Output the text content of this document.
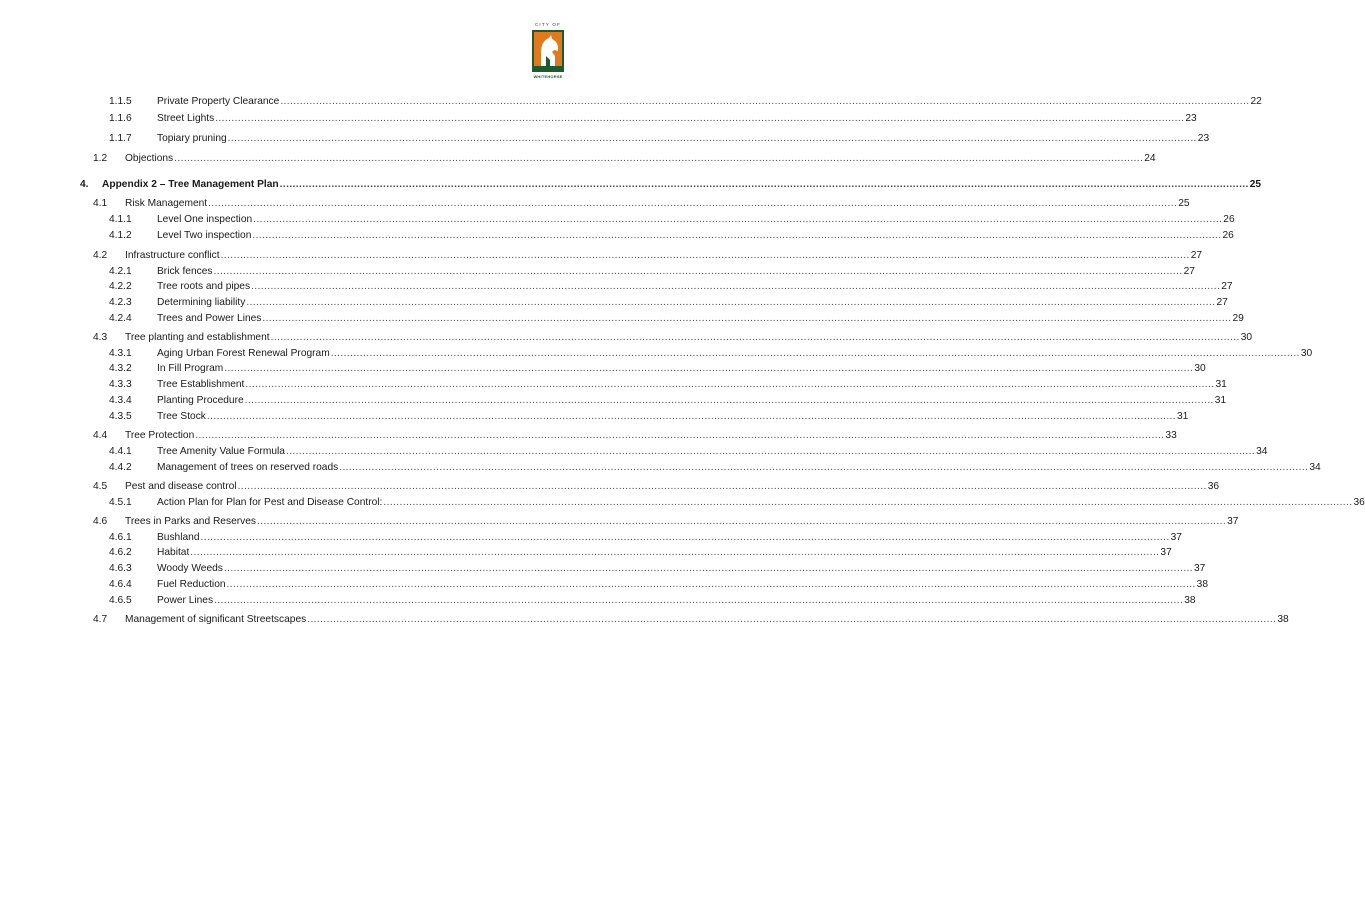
CITY OF
WHITEHORSE
1.1.5 Private Property Clearance ............................................................................................................................................................................................................................................................................................................ 22
1.1.6 Street Lights ............................................................................................................................................................................................................................................................................................................ 23
1.1.7 Topiary pruning ............................................................................................................................................................................................................................................................................................................ 23
1.2 Objections ............................................................................................................................................................................................................................................................................................................ 24
4. Appendix 2 – Tree Management Plan ............................................................................................................................................................................................................................................................................................................ 25
4.1 Risk Management ............................................................................................................................................................................................................................................................................................................ 25
4.1.1 Level One inspection ............................................................................................................................................................................................................................................................................................................ 26
4.1.2 Level Two inspection ............................................................................................................................................................................................................................................................................................................ 26
4.2 Infrastructure conflict ............................................................................................................................................................................................................................................................................................................ 27
4.2.1 Brick fences ............................................................................................................................................................................................................................................................................................................ 27
4.2.2 Tree roots and pipes ............................................................................................................................................................................................................................................................................................................ 27
4.2.3 Determining liability ............................................................................................................................................................................................................................................................................................................ 27
4.2.4 Trees and Power Lines ............................................................................................................................................................................................................................................................................................................ 29
4.3 Tree planting and establishment ............................................................................................................................................................................................................................................................................................................ 30
4.3.1 Aging Urban Forest Renewal Program ............................................................................................................................................................................................................................................................................................................ 30
4.3.2 In Fill Program ............................................................................................................................................................................................................................................................................................................ 30
4.3.3 Tree Establishment ............................................................................................................................................................................................................................................................................................................ 31
4.3.4 Planting Procedure ............................................................................................................................................................................................................................................................................................................ 31
4.3.5 Tree Stock ............................................................................................................................................................................................................................................................................................................ 31
4.4 Tree Protection ............................................................................................................................................................................................................................................................................................................ 33
4.4.1 Tree Amenity Value Formula ............................................................................................................................................................................................................................................................................................................ 34
4.4.2 Management of trees on reserved roads ............................................................................................................................................................................................................................................................................................................ 34
4.5 Pest and disease control ............................................................................................................................................................................................................................................................................................................ 36
4.5.1 Action Plan for Plan for Pest and Disease Control: ............................................................................................................................................................................................................................................................................................................ 36
4.6 Trees in Parks and Reserves ............................................................................................................................................................................................................................................................................................................ 37
4.6.1 Bushland ............................................................................................................................................................................................................................................................................................................ 37
4.6.2 Habitat ............................................................................................................................................................................................................................................................................................................ 37
4.6.3 Woody Weeds ............................................................................................................................................................................................................................................................................................................ 37
4.6.4 Fuel Reduction ............................................................................................................................................................................................................................................................................................................ 38
4.6.5 Power Lines ............................................................................................................................................................................................................................................................................................................ 38
4.7 Management of significant Streetscapes ............................................................................................................................................................................................................................................................................................................ 38
